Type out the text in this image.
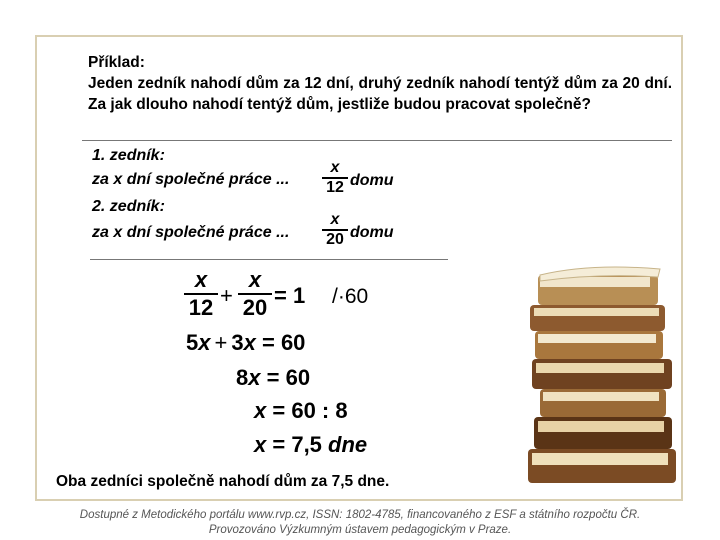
Příklad:
Jeden zedník nahodí dům za 12 dní, druhý zedník nahodí tentýž dům za 20 dní. Za jak dlouho nahodí tentýž dům, jestliže budou pracovat společně?
1. zedník:
za x dní společné práce ...
x
12 domu
2. zedník:
za x dní společné práce ...
x
20 domu
x
12 +
x
20 = 1 /·60
5x + 3x = 60
8x = 60
x = 60 : 8
x = 7,5 dne
Oba zedníci společně nahodí dům za 7,5 dne.
Dostupné z Metodického portálu www.rvp.cz, ISSN: 1802-4785, financovaného z ESF a státního rozpočtu ČR.
Provozováno Výzkumným ústavem pedagogickým v Praze.
